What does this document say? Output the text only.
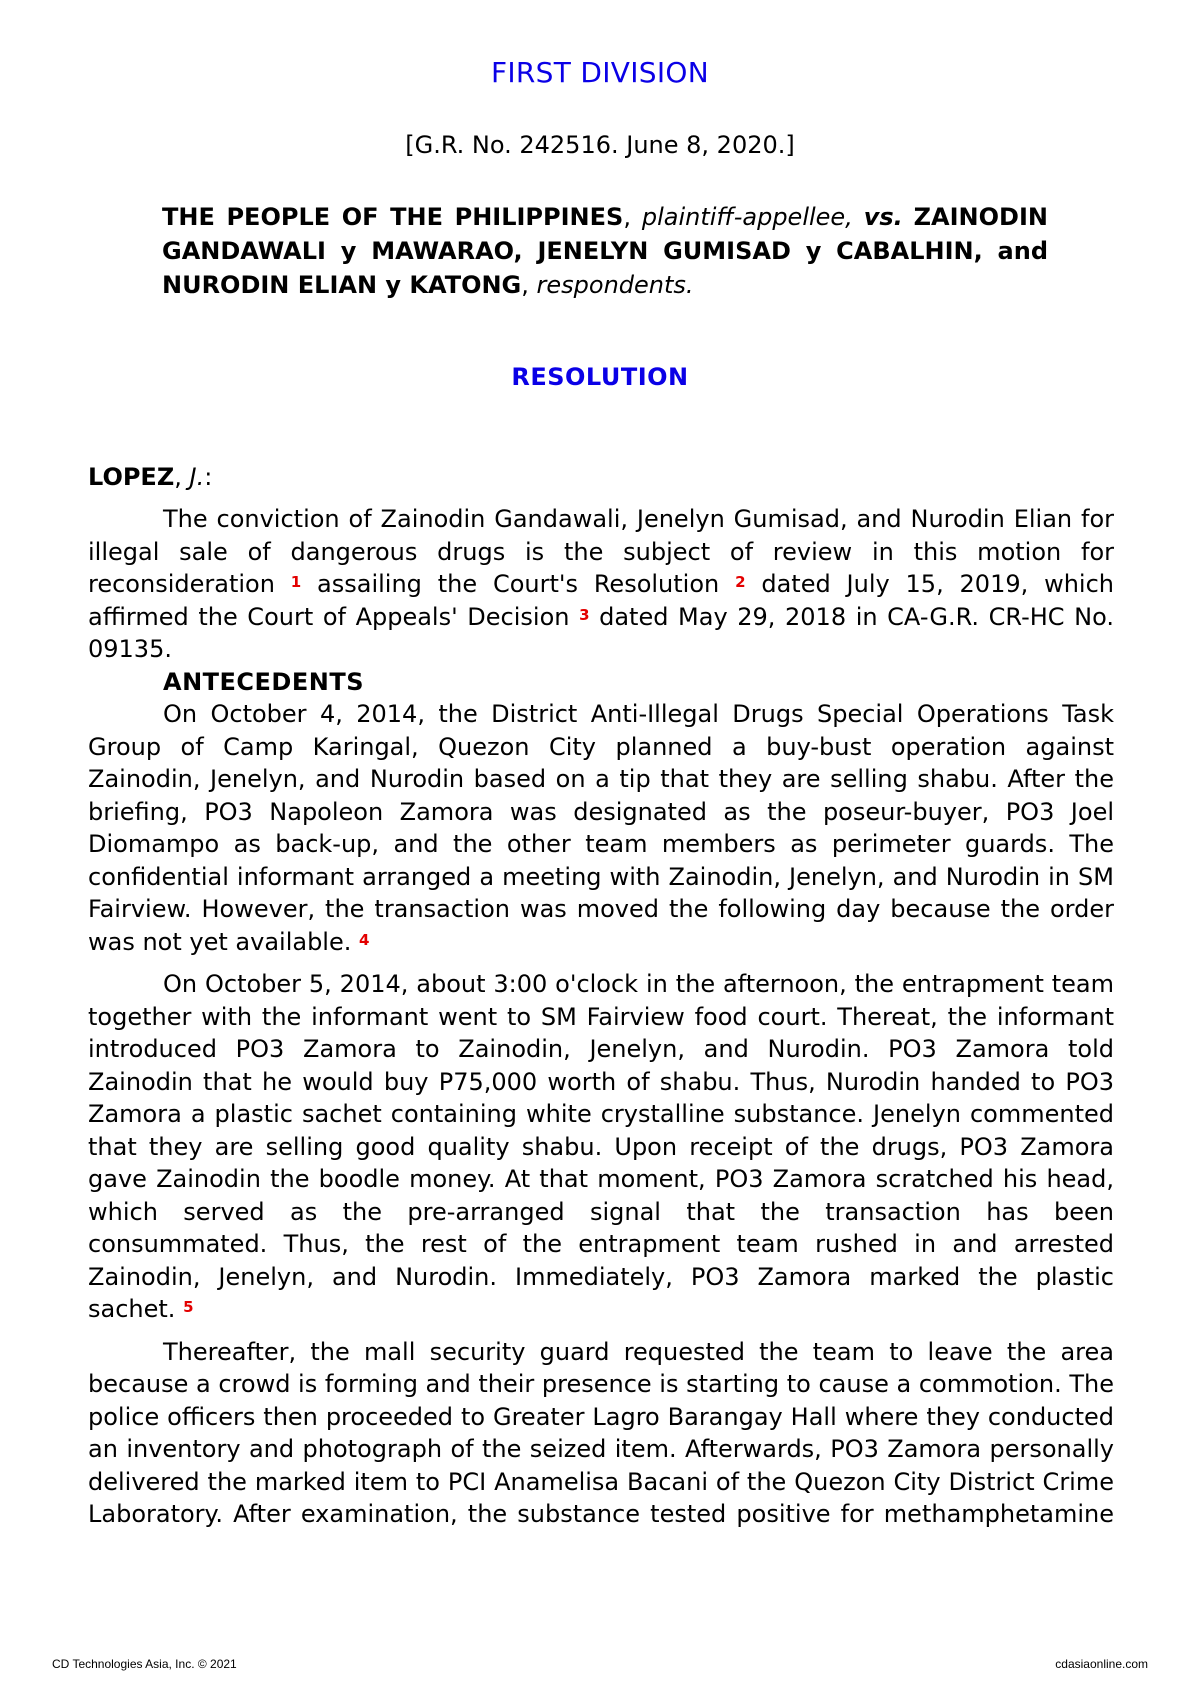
FIRST DIVISION
[G.R. No. 242516. June 8, 2020.]
THE PEOPLE OF THE PHILIPPINES, plaintiff-appellee, vs. ZAINODIN GANDAWALI y MAWARAO, JENELYN GUMISAD y CABALHIN, and NURODIN ELIAN y KATONG, respondents.
RESOLUTION
LOPEZ, J.:

The conviction of Zainodin Gandawali, Jenelyn Gumisad, and Nurodin Elian for illegal sale of dangerous drugs is the subject of review in this motion for reconsideration $^1$ assailing the Court's Resolution $^2$ dated July 15, 2019, which affirmed the Court of Appeals' Decision $^3$ dated May 29, 2018 in CA-G.R. CR-HC No. 09135.

ANTECEDENTS

On October 4, 2014, the District Anti-Illegal Drugs Special Operations Task Group of Camp Karingal, Quezon City planned a buy-bust operation against Zainodin, Jenelyn, and Nurodin based on a tip that they are selling shabu. After the briefing, PO3 Napoleon Zamora was designated as the poseur-buyer, PO3 Joel Diomampo as back-up, and the other team members as perimeter guards. The confidential informant arranged a meeting with Zainodin, Jenelyn, and Nurodin in SM Fairview. However, the transaction was moved the following day because the order was not yet available. $^4$

On October 5, 2014, about 3:00 o'clock in the afternoon, the entrapment team together with the informant went to SM Fairview food court. Thereat, the informant introduced PO3 Zamora to Zainodin, Jenelyn, and Nurodin. PO3 Zamora told Zainodin that he would buy P75,000 worth of shabu. Thus, Nurodin handed to PO3 Zamora a plastic sachet containing white crystalline substance. Jenelyn commented that they are selling good quality shabu. Upon receipt of the drugs, PO3 Zamora gave Zainodin the boodle money. At that moment, PO3 Zamora scratched his head, which served as the pre-arranged signal that the transaction has been consummated. Thus, the rest of the entrapment team rushed in and arrested Zainodin, Jenelyn, and Nurodin. Immediately, PO3 Zamora marked the plastic sachet. $^5$

Thereafter, the mall security guard requested the team to leave the area because a crowd is forming and their presence is starting to cause a commotion. The police officers then proceeded to Greater Lagro Barangay Hall where they conducted an inventory and photograph of the seized item. Afterwards, PO3 Zamora personally delivered the marked item to PCI Anamelisa Bacani of the Quezon City District Crime Laboratory. After examination, the substance tested positive for methamphetamine

CD Technologies Asia, Inc. © 2021	cdasiaonline.com
